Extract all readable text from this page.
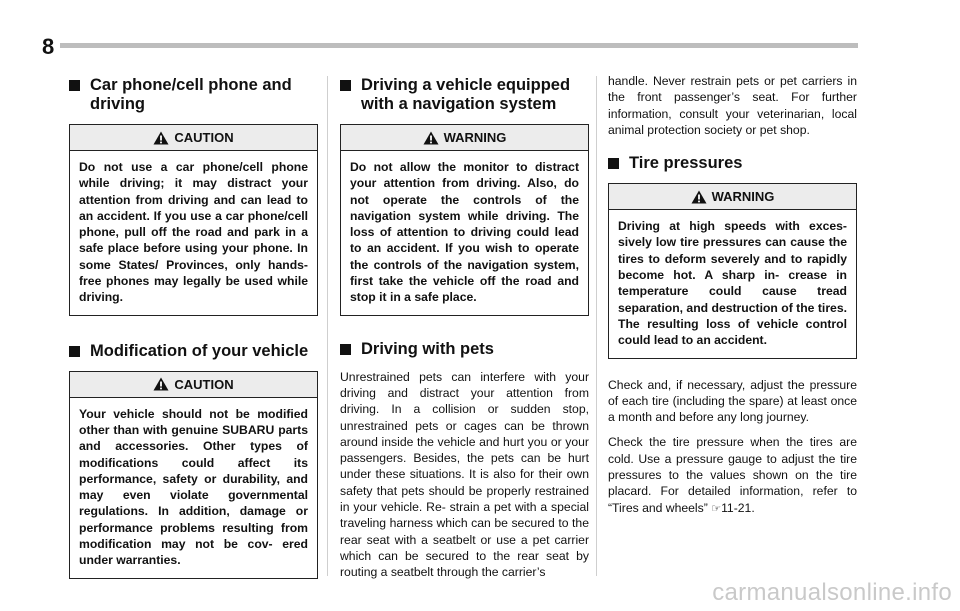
8
Car phone/cell phone and driving
CAUTION
Do not use a car phone/cell phone while driving; it may distract your attention from driving and can lead to an accident. If you use a car phone/cell phone, pull off the road and park in a safe place before using your phone. In some States/ Provinces, only hands-free phones may legally be used while driving.
Modification of your vehicle
CAUTION
Your vehicle should not be modified other than with genuine SUBARU parts and accessories. Other types of modifications could affect its performance, safety or durability, and may even violate governmental regulations. In addition, damage or performance problems resulting from modification may not be cov- ered under warranties.
Driving a vehicle equipped with a navigation system
WARNING
Do not allow the monitor to distract your attention from driving. Also, do not operate the controls of the navigation system while driving. The loss of attention to driving could lead to an accident. If you wish to operate the controls of the navigation system, first take the vehicle off the road and stop it in a safe place.
Driving with pets
Unrestrained pets can interfere with your driving and distract your attention from driving. In a collision or sudden stop, unrestrained pets or cages can be thrown around inside the vehicle and hurt you or your passengers. Besides, the pets can be hurt under these situations. It is also for their own safety that pets should be properly restrained in your vehicle. Re- strain a pet with a special traveling harness which can be secured to the rear seat with a seatbelt or use a pet carrier which can be secured to the rear seat by routing a seatbelt through the carrier’s
handle. Never restrain pets or pet carriers in the front passenger’s seat. For further information, consult your veterinarian, local animal protection society or pet shop.
Tire pressures
WARNING
Driving at high speeds with exces- sively low tire pressures can cause the tires to deform severely and to rapidly become hot. A sharp in- crease in temperature could cause tread separation, and destruction of the tires. The resulting loss of vehicle control could lead to an accident.
Check and, if necessary, adjust the pressure of each tire (including the spare) at least once a month and before any long journey.
Check the tire pressure when the tires are cold. Use a pressure gauge to adjust the tire pressures to the values shown on the tire placard. For detailed information, refer to “Tires and wheels” ☞11-21.
carmanualsonline.info
